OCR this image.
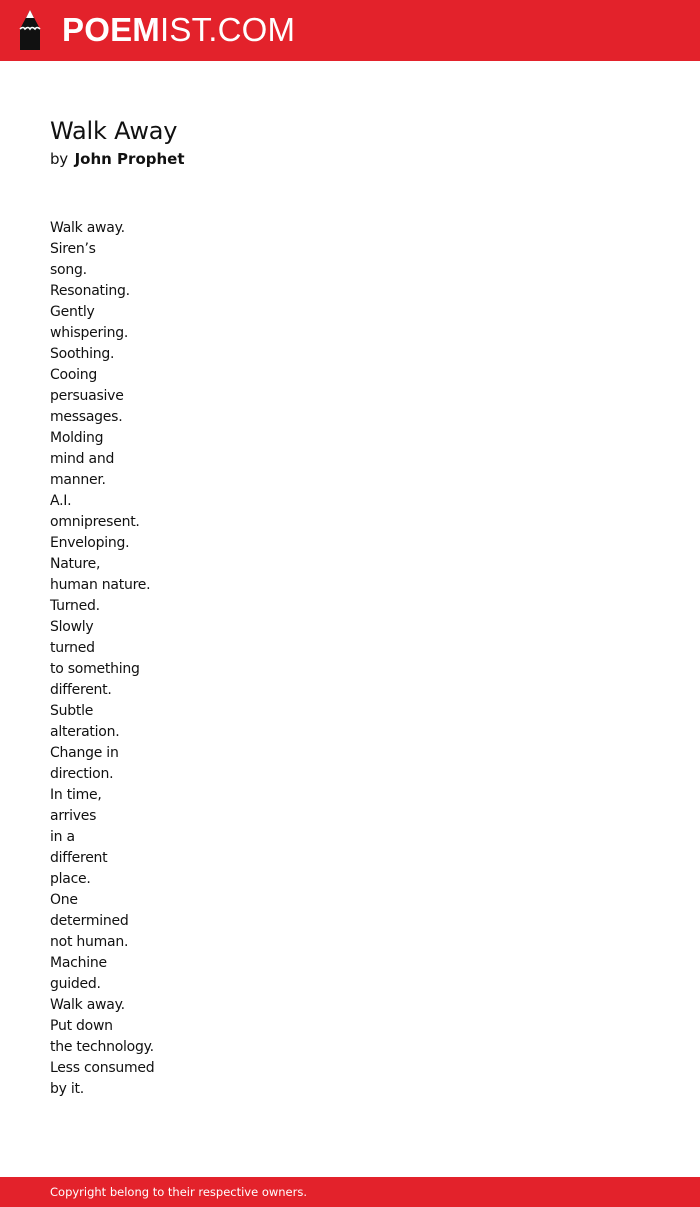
POEMIST.COM
Walk Away
by John Prophet
Walk away.
Siren’s
song.
Resonating.
Gently
whispering.
Soothing.
Cooing
persuasive
messages.
Molding
mind and
manner.
A.I.
omnipresent.
Enveloping.
Nature,
human nature.
Turned.
Slowly
turned
to something
different.
Subtle
alteration.
Change in
direction.
In time,
arrives
in a
different
place.
One
determined
not human.
Machine
guided.
Walk away.
Put down
the technology.
Less consumed
by it.
Copyright belong to their respective owners.
